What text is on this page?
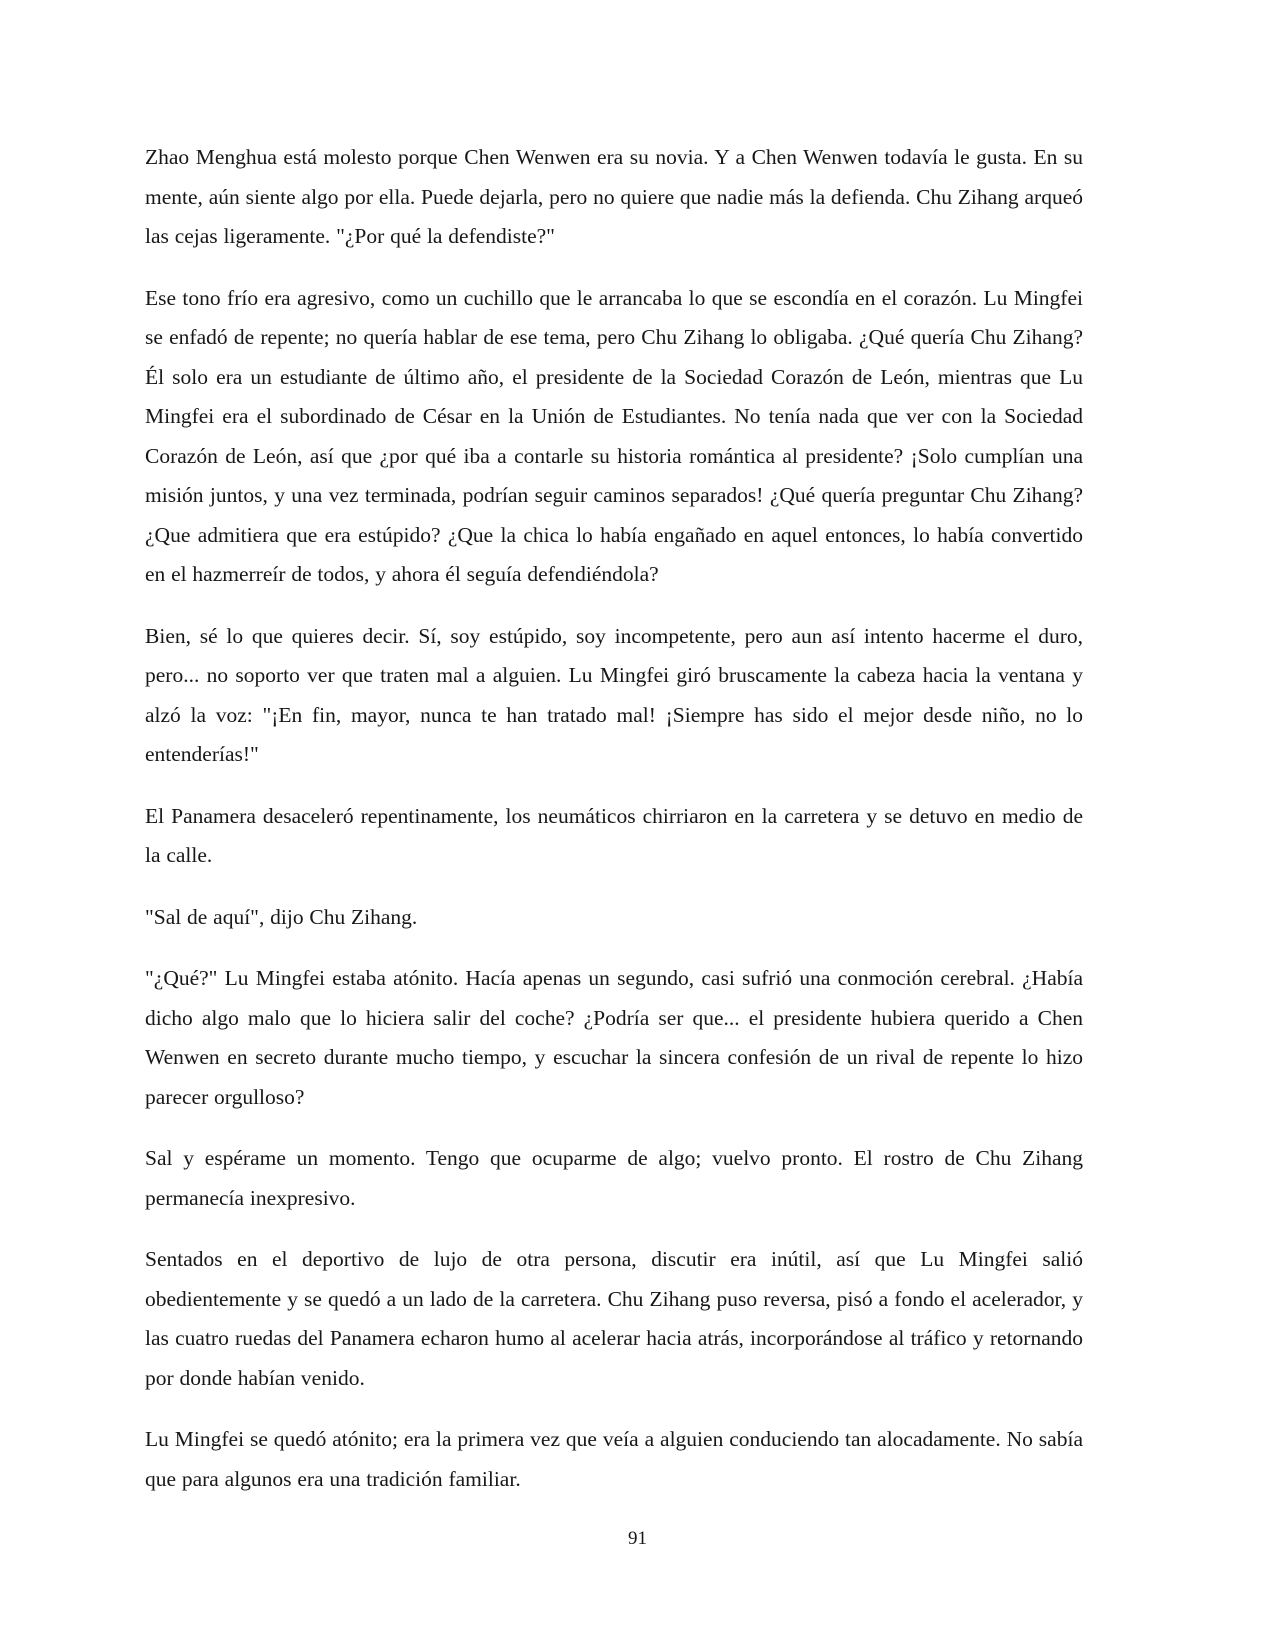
Zhao Menghua está molesto porque Chen Wenwen era su novia. Y a Chen Wenwen todavía le gusta. En su mente, aún siente algo por ella. Puede dejarla, pero no quiere que nadie más la defienda. Chu Zihang arqueó las cejas ligeramente. "¿Por qué la defendiste?"

Ese tono frío era agresivo, como un cuchillo que le arrancaba lo que se escondía en el corazón. Lu Mingfei se enfadó de repente; no quería hablar de ese tema, pero Chu Zihang lo obligaba. ¿Qué quería Chu Zihang? Él solo era un estudiante de último año, el presidente de la Sociedad Corazón de León, mientras que Lu Mingfei era el subordinado de César en la Unión de Estudiantes. No tenía nada que ver con la Sociedad Corazón de León, así que ¿por qué iba a contarle su historia romántica al presidente? ¡Solo cumplían una misión juntos, y una vez terminada, podrían seguir caminos separados! ¿Qué quería preguntar Chu Zihang? ¿Que admitiera que era estúpido? ¿Que la chica lo había engañado en aquel entonces, lo había convertido en el hazmerreír de todos, y ahora él seguía defendiéndola?

Bien, sé lo que quieres decir. Sí, soy estúpido, soy incompetente, pero aun así intento hacerme el duro, pero... no soporto ver que traten mal a alguien. Lu Mingfei giró bruscamente la cabeza hacia la ventana y alzó la voz: "¡En fin, mayor, nunca te han tratado mal! ¡Siempre has sido el mejor desde niño, no lo entenderías!"

El Panamera desaceleró repentinamente, los neumáticos chirriaron en la carretera y se detuvo en medio de la calle.

"Sal de aquí", dijo Chu Zihang.

"¿Qué?" Lu Mingfei estaba atónito. Hacía apenas un segundo, casi sufrió una conmoción cerebral. ¿Había dicho algo malo que lo hiciera salir del coche? ¿Podría ser que... el presidente hubiera querido a Chen Wenwen en secreto durante mucho tiempo, y escuchar la sincera confesión de un rival de repente lo hizo parecer orgulloso?

Sal y espérame un momento. Tengo que ocuparme de algo; vuelvo pronto. El rostro de Chu Zihang permanecía inexpresivo.

Sentados en el deportivo de lujo de otra persona, discutir era inútil, así que Lu Mingfei salió obedientemente y se quedó a un lado de la carretera. Chu Zihang puso reversa, pisó a fondo el acelerador, y las cuatro ruedas del Panamera echaron humo al acelerar hacia atrás, incorporándose al tráfico y retornando por donde habían venido.

Lu Mingfei se quedó atónito; era la primera vez que veía a alguien conduciendo tan alocadamente. No sabía que para algunos era una tradición familiar.

91
